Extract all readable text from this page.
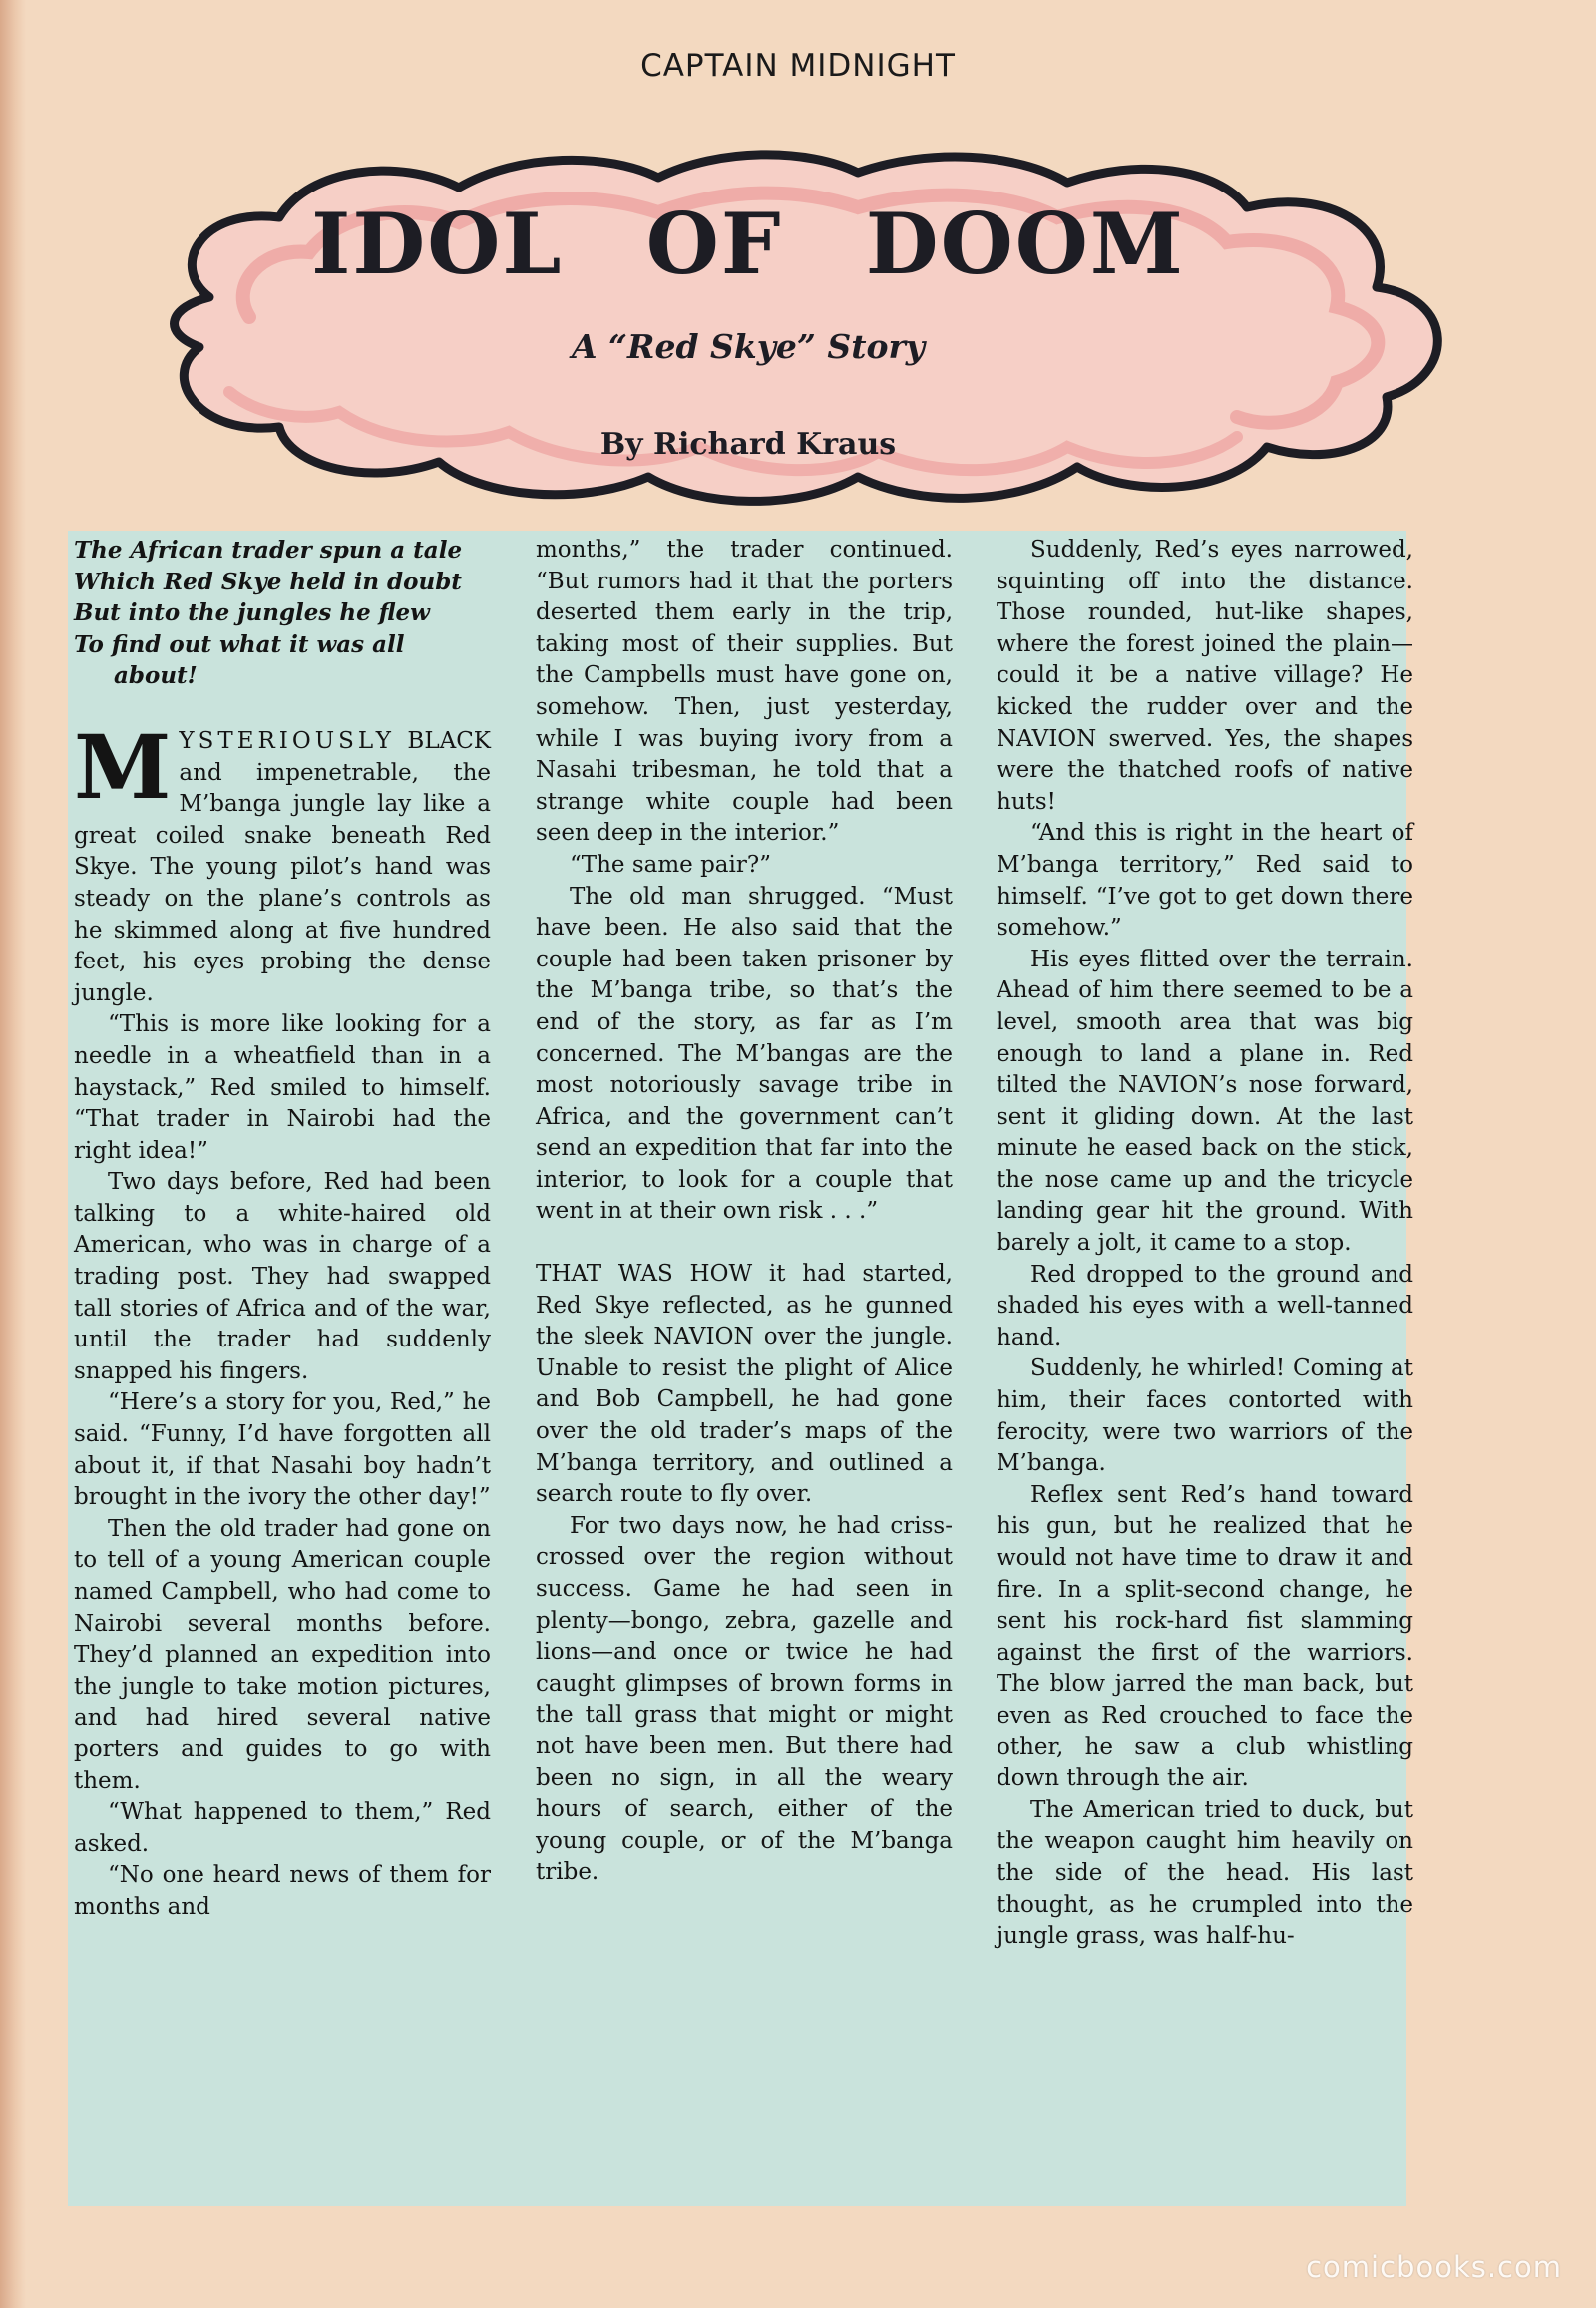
CAPTAIN MIDNIGHT
IDOL OF DOOM
A “Red Skye” Story
By Richard Kraus
The African trader spun a tale
Which Red Skye held in doubt
But into the jungles he flew
To find out what it was all about!

MYSTERIOUSLY BLACK and impenetrable, the M’banga jungle lay like a great coiled snake beneath Red Skye. The young pilot’s hand was steady on the plane’s controls as he skimmed along at five hundred feet, his eyes probing the dense jungle.

“This is more like looking for a needle in a wheatfield than in a haystack,” Red smiled to himself. “That trader in Nairobi had the right idea!”

Two days before, Red had been talking to a white-haired old American, who was in charge of a trading post. They had swapped tall stories of Africa and of the war, until the trader had suddenly snapped his fingers.

“Here’s a story for you, Red,” he said. “Funny, I’d have forgotten all about it, if that Nasahi boy hadn’t brought in the ivory the other day!”

Then the old trader had gone on to tell of a young American couple named Campbell, who had come to Nairobi several months before. They’d planned an expedition into the jungle to take motion pictures, and had hired several native porters and guides to go with them.

“What happened to them,” Red asked.

“No one heard news of them for months and

months,” the trader continued. “But rumors had it that the porters deserted them early in the trip, taking most of their supplies. But the Campbells must have gone on, somehow. Then, just yesterday, while I was buying ivory from a Nasahi tribesman, he told that a strange white couple had been seen deep in the interior.”

“The same pair?”

The old man shrugged. “Must have been. He also said that the couple had been taken prisoner by the M’banga tribe, so that’s the end of the story, as far as I’m concerned. The M’bangas are the most notoriously savage tribe in Africa, and the government can’t send an expedition that far into the interior, to look for a couple that went in at their own risk . . .”

THAT WAS HOW it had started, Red Skye reflected, as he gunned the sleek NAVION over the jungle. Unable to resist the plight of Alice and Bob Campbell, he had gone over the old trader’s maps of the M’banga territory, and outlined a search route to fly over.

For two days now, he had criss-crossed over the region without success. Game he had seen in plenty—bongo, zebra, gazelle and lions—and once or twice he had caught glimpses of brown forms in the tall grass that might or might not have been men. But there had been no sign, in all the weary hours of search, either of the young couple, or of the M’banga tribe.

Suddenly, Red’s eyes narrowed, squinting off into the distance. Those rounded, hut-like shapes, where the forest joined the plain—could it be a native village? He kicked the rudder over and the NAVION swerved. Yes, the shapes were the thatched roofs of native huts!

“And this is right in the heart of M’banga territory,” Red said to himself. “I’ve got to get down there somehow.”

His eyes flitted over the terrain. Ahead of him there seemed to be a level, smooth area that was big enough to land a plane in. Red tilted the NAVION’s nose forward, sent it gliding down. At the last minute he eased back on the stick, the nose came up and the tricycle landing gear hit the ground. With barely a jolt, it came to a stop.

Red dropped to the ground and shaded his eyes with a well-tanned hand.

Suddenly, he whirled! Coming at him, their faces contorted with ferocity, were two warriors of the M’banga.

Reflex sent Red’s hand toward his gun, but he realized that he would not have time to draw it and fire. In a split-second change, he sent his rock-hard fist slamming against the first of the warriors. The blow jarred the man back, but even as Red crouched to face the other, he saw a club whistling down through the air.

The American tried to duck, but the weapon caught him heavily on the side of the head. His last thought, as he crumpled into the jungle grass, was half-hu-

comicbooks.com
